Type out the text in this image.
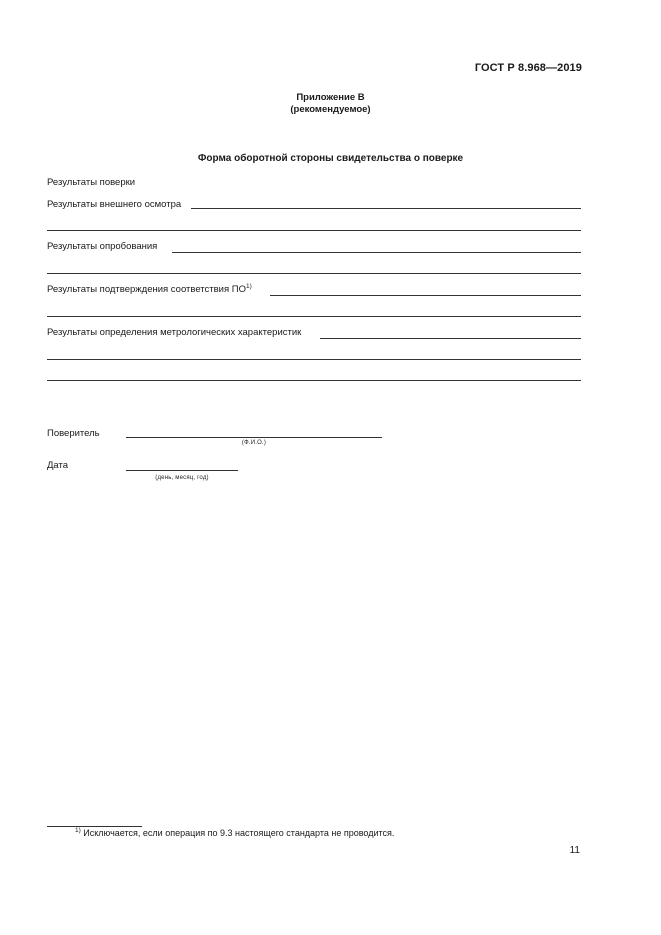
ГОСТ Р 8.968—2019
Приложение В
(рекомендуемое)
Форма оборотной стороны свидетельства о поверке
Результаты поверки
Результаты внешнего осмотра
Результаты опробования
Результаты подтверждения соответствия ПО$^{1)}$
Результаты определения метрологических характеристик
Поверитель
(Ф.И.О.)
Дата
(день, месяц, год)
$^{1)}$ Исключается, если операция по 9.3 настоящего стандарта не проводится.
11
